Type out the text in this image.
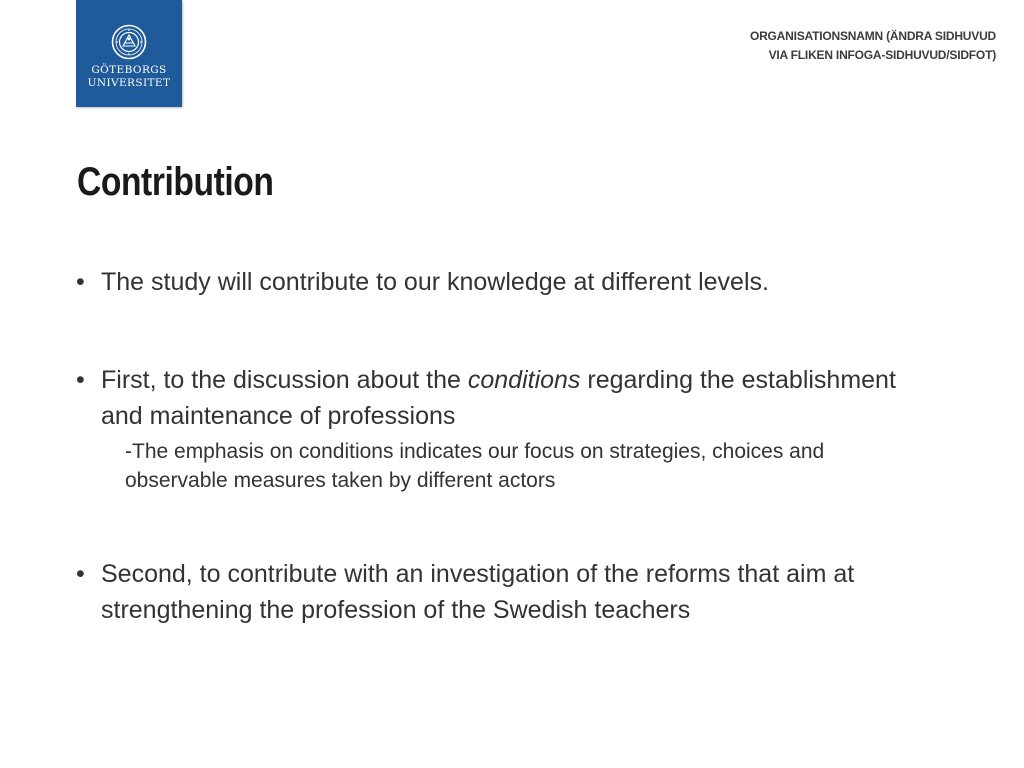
GÖTEBORGS
UNIVERSITET
ORGANISATIONSNAMN (ÄNDRA SIDHUVUD
VIA FLIKEN INFOGA-SIDHUVUD/SIDFOT)
Contribution
• The study will contribute to our knowledge at different levels.
• First, to the discussion about the conditions regarding the establishment and maintenance of professions
-The emphasis on conditions indicates our focus on strategies, choices and observable measures taken by different actors
• Second, to contribute with an investigation of the reforms that aim at strengthening the profession of the Swedish teachers
